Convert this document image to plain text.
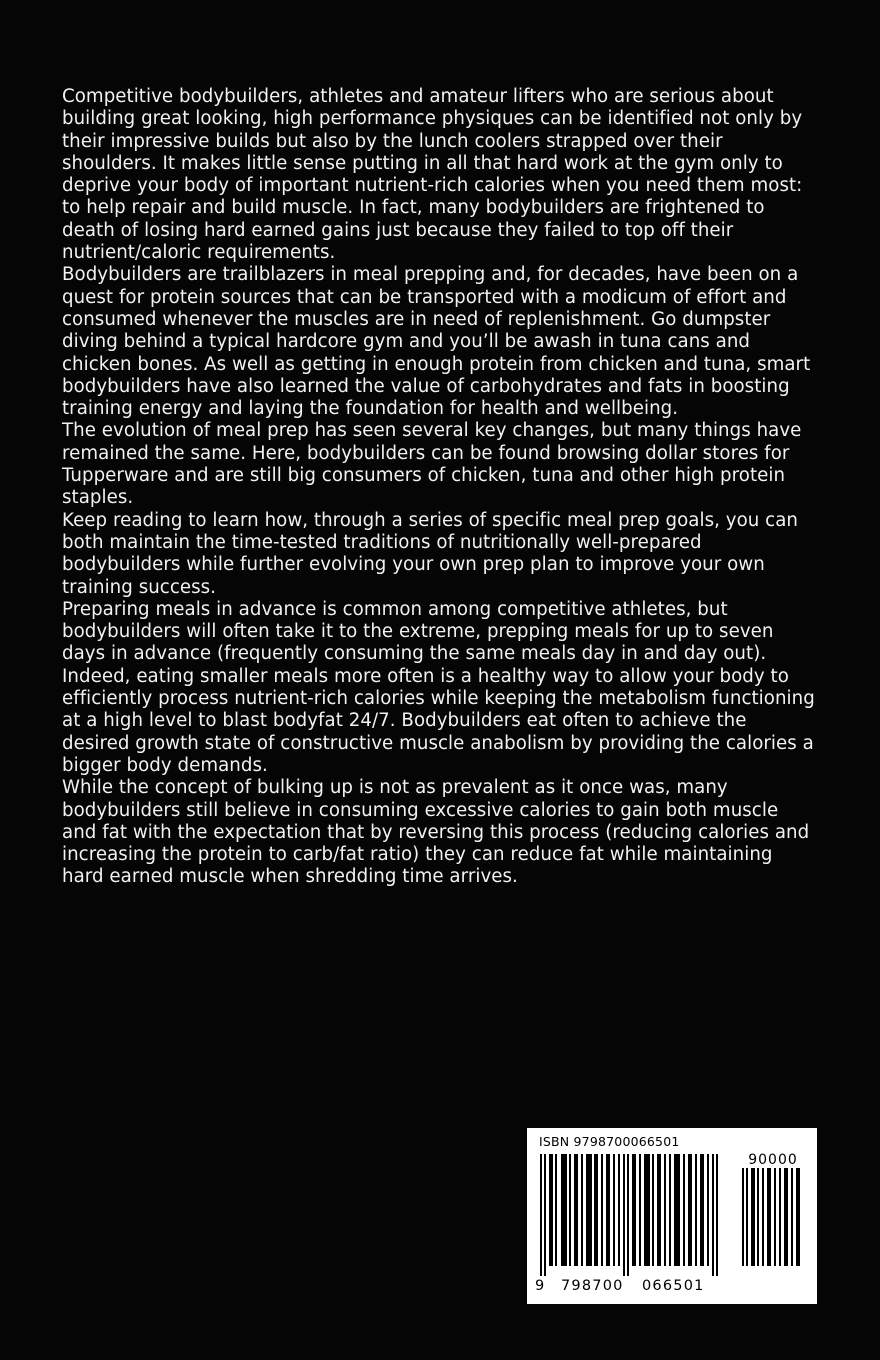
Competitive bodybuilders, athletes and amateur lifters who are serious about building great looking, high performance physiques can be identified not only by their impressive builds but also by the lunch coolers strapped over their shoulders. It makes little sense putting in all that hard work at the gym only to deprive your body of important nutrient-rich calories when you need them most: to help repair and build muscle. In fact, many bodybuilders are frightened to death of losing hard earned gains just because they failed to top off their nutrient/caloric requirements.

Bodybuilders are trailblazers in meal prepping and, for decades, have been on a quest for protein sources that can be transported with a modicum of effort and consumed whenever the muscles are in need of replenishment. Go dumpster diving behind a typical hardcore gym and you’ll be awash in tuna cans and chicken bones. As well as getting in enough protein from chicken and tuna, smart bodybuilders have also learned the value of carbohydrates and fats in boosting training energy and laying the foundation for health and wellbeing.

The evolution of meal prep has seen several key changes, but many things have remained the same. Here, bodybuilders can be found browsing dollar stores for Tupperware and are still big consumers of chicken, tuna and other high protein staples.

Keep reading to learn how, through a series of specific meal prep goals, you can both maintain the time-tested traditions of nutritionally well-prepared bodybuilders while further evolving your own prep plan to improve your own training success.

Preparing meals in advance is common among competitive athletes, but bodybuilders will often take it to the extreme, prepping meals for up to seven days in advance (frequently consuming the same meals day in and day out).

Indeed, eating smaller meals more often is a healthy way to allow your body to efficiently process nutrient-rich calories while keeping the metabolism functioning at a high level to blast bodyfat 24/7. Bodybuilders eat often to achieve the desired growth state of constructive muscle anabolism by providing the calories a bigger body demands.

While the concept of bulking up is not as prevalent as it once was, many bodybuilders still believe in consuming excessive calories to gain both muscle and fat with the expectation that by reversing this process (reducing calories and increasing the protein to carb/fat ratio) they can reduce fat while maintaining hard earned muscle when shredding time arrives.

ISBN 9798700066501
90000
9 798700 066501
